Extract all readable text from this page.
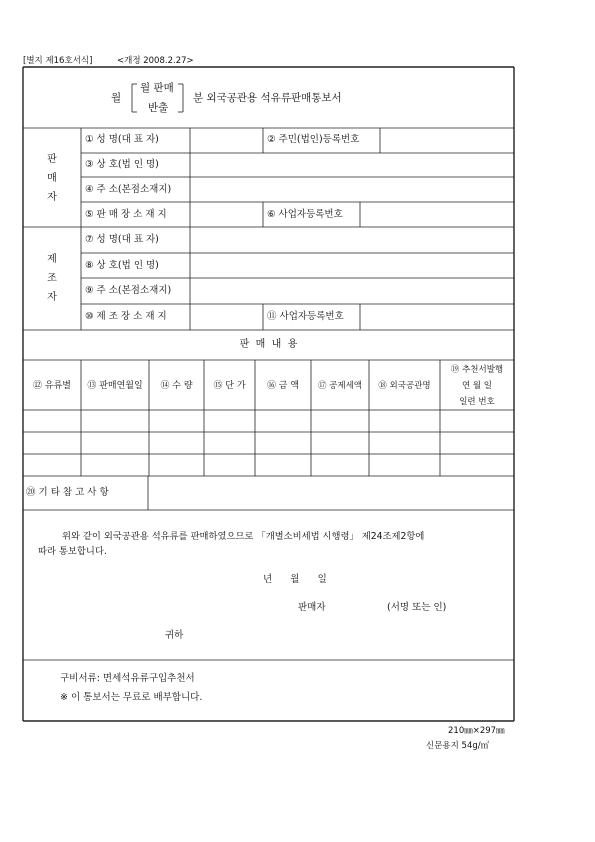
[별지 제16호서식]	<개정 2008.2.27>
월
월 판매
반출
분 외국공관용 석유류판매통보서
판
매
자
① 성 명(대 표 자)	② 주민(법인)등록번호
③ 상 호(법 인 명)
④ 주 소(본점소재지)
⑤ 판 매 장 소 재 지	⑥ 사업자등록번호
제
조
자
⑦ 성 명(대 표 자)
⑧ 상 호(법 인 명)
⑨ 주 소(본점소재지)
⑩ 제 조 장 소 재 지	⑪ 사업자등록번호
판  매  내  용
⑫ 유류별	⑬ 판매연월일	⑭ 수 량	⑮ 단 가	⑯ 금 액	⑰ 공제세액	⑱ 외국공관명
⑲ 추천서발행
연 월 일
일련 번호
⑳ 기 타 참 고 사 항
위와 같이 외국공관용 석유류를 판매하였으므로 「개별소비세법 시행령」 제24조제2항에
따라 통보합니다.
년      월      일
판매자	(서명 또는 인)
귀하
구비서류: 면세석유류구입추천서
※ 이 통보서는 무료로 배부합니다.
210㎜×297㎜
신문용지 54g/㎡
